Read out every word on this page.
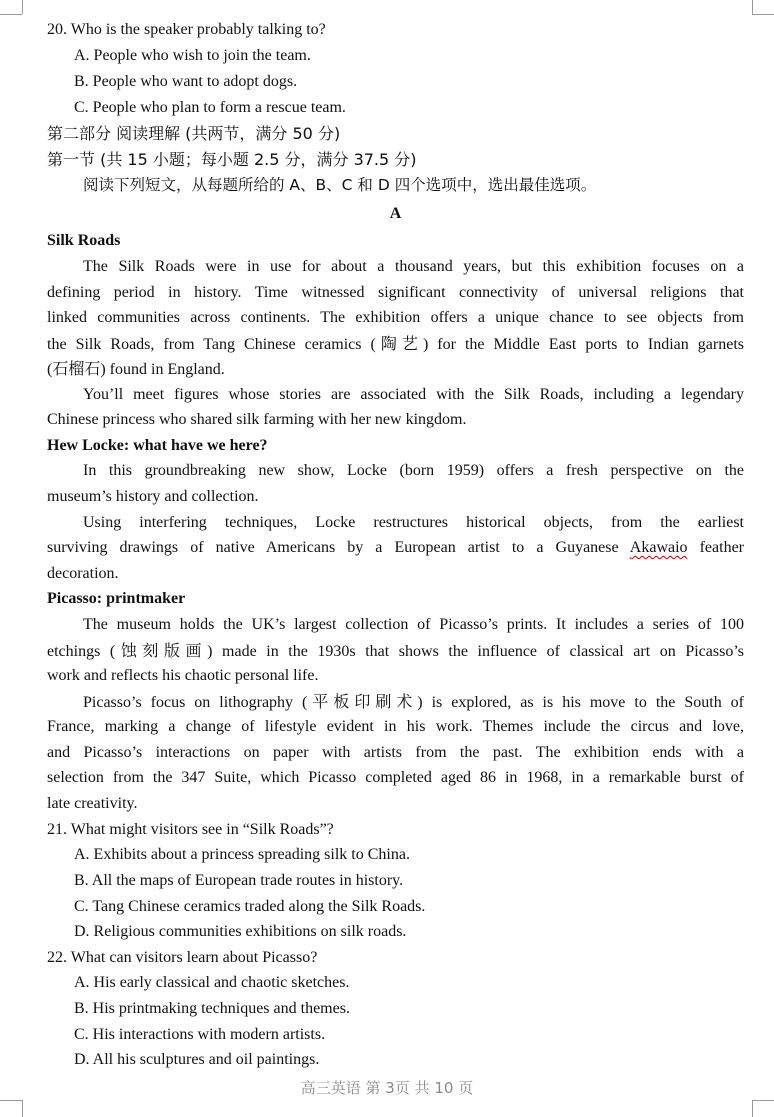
20. Who is the speaker probably talking to?
A. People who wish to join the team.
B. People who want to adopt dogs.
C. People who plan to form a rescue team.
第二部分 阅读理解 (共两节，满分 50 分)
第一节 (共 15 小题；每小题 2.5 分，满分 37.5 分)
阅读下列短文，从每题所给的 A、B、C 和 D 四个选项中，选出最佳选项。
A
Silk Roads
The Silk Roads were in use for about a thousand years, but this exhibition focuses on a
defining period in history. Time witnessed significant connectivity of universal religions that
linked communities across continents. The exhibition offers a unique chance to see objects from
the Silk Roads, from Tang Chinese ceramics (陶艺) for the Middle East ports to Indian garnets
(石榴石) found in England.
You’ll meet figures whose stories are associated with the Silk Roads, including a legendary
Chinese princess who shared silk farming with her new kingdom.
Hew Locke: what have we here?
In this groundbreaking new show, Locke (born 1959) offers a fresh perspective on the
museum’s history and collection.
Using interfering techniques, Locke restructures historical objects, from the earliest
surviving drawings of native Americans by a European artist to a Guyanese Akawaio feather
decoration.
Picasso: printmaker
The museum holds the UK’s largest collection of Picasso’s prints. It includes a series of 100
etchings (蚀刻版画) made in the 1930s that shows the influence of classical art on Picasso’s
work and reflects his chaotic personal life.
Picasso’s focus on lithography (平板印刷术) is explored, as is his move to the South of
France, marking a change of lifestyle evident in his work. Themes include the circus and love,
and Picasso’s interactions on paper with artists from the past. The exhibition ends with a
selection from the 347 Suite, which Picasso completed aged 86 in 1968, in a remarkable burst of
late creativity.
21. What might visitors see in “Silk Roads”?
A. Exhibits about a princess spreading silk to China.
B. All the maps of European trade routes in history.
C. Tang Chinese ceramics traded along the Silk Roads.
D. Religious communities exhibitions on silk roads.
22. What can visitors learn about Picasso?
A. His early classical and chaotic sketches.
B. His printmaking techniques and themes.
C. His interactions with modern artists.
D. All his sculptures and oil paintings.
高三英语 第 3页 共 10 页
